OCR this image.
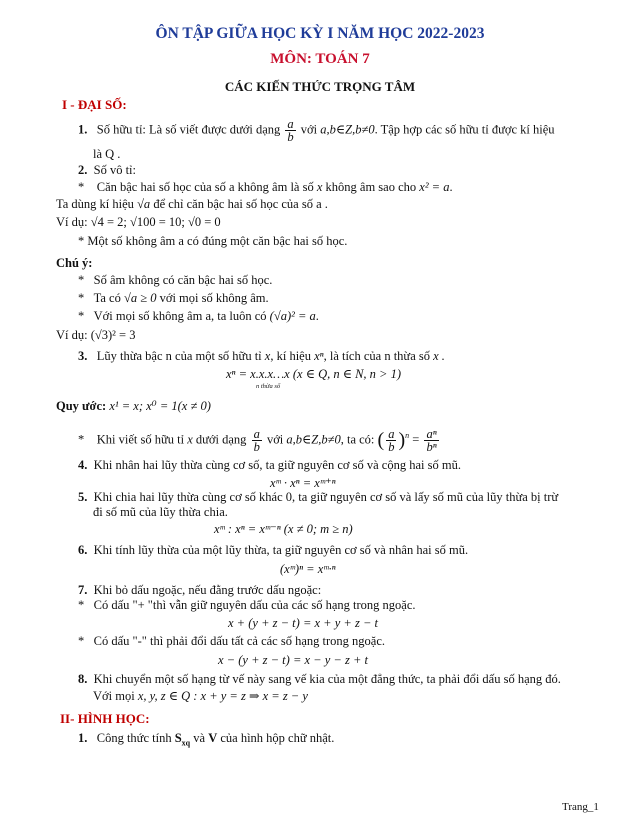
ÔN TẬP GIỮA HỌC KỲ I NĂM HỌC 2022-2023
MÔN: TOÁN 7
CÁC KIẾN THỨC TRỌNG TÂM
I - ĐẠI SỐ:
1. Số hữu tỉ: Là số viết được dưới dạng $\frac{a}{b}$ với a,b∈Z,b≠0. Tập hợp các số hữu tỉ được kí hiệu
là Q .
2. Số vô tỉ:
* Căn bậc hai số học của số a không âm là số x không âm sao cho x² = a.
Ta dùng kí hiệu √a để chỉ căn bậc hai số học của số a .
Ví dụ: √4 = 2; √100 = 10; √0 = 0
* Một số không âm a có đúng một căn bậc hai số học.
Chú ý:
* Số âm không có căn bậc hai số học.
* Ta có √a ≥ 0 với mọi số không âm.
* Với mọi số không âm a, ta luôn có (√a)² = a.
Ví dụ: (√3)² = 3
3. Lũy thừa bậc n của một số hữu tỉ x, kí hiệu xⁿ, là tích của n thừa số x .
xⁿ = x.x.x…x (x ∈ Q, n ∈ N, n > 1)
n thừa số
Quy ước: x¹ = x; x⁰ = 1(x ≠ 0)
* Khi viết số hữu tỉ x dưới dạng $\frac{a}{b}$ với a,b∈Z,b≠0, ta có: ( $\frac{a}{b} )^n = \frac{\text{aⁿ}}{\text{bⁿ}}$
4. Khi nhân hai lũy thừa cùng cơ số, ta giữ nguyên cơ số và cộng hai số mũ.
xᵐ · xⁿ = xᵐ⁺ⁿ
5. Khi chia hai lũy thừa cùng cơ số khác 0, ta giữ nguyên cơ số và lấy số mũ của lũy thừa bị trừ
đi số mũ của lũy thừa chia.
xᵐ : xⁿ = xᵐ⁻ⁿ (x ≠ 0; m ≥ n)
6. Khi tính lũy thừa của một lũy thừa, ta giữ nguyên cơ số và nhân hai số mũ.
(xᵐ)ⁿ = xᵐ·ⁿ
7. Khi bỏ dấu ngoặc, nếu đằng trước dấu ngoặc:
* Có dấu "+ "thì vẫn giữ nguyên dấu của các số hạng trong ngoặc.
x + (y + z − t) = x + y + z − t
* Có dấu "-" thì phải đổi dấu tất cả các số hạng trong ngoặc.
x − (y + z − t) = x − y − z + t
8. Khi chuyển một số hạng từ vế này sang vế kia của một đẳng thức, ta phải đổi dấu số hạng đó.
Với mọi x, y, z ∈ Q : x + y = z ⇒ x = z − y
II- HÌNH HỌC:
1. Công thức tính $S_{xq}$ và V của hình hộp chữ nhật.
Trang_1
